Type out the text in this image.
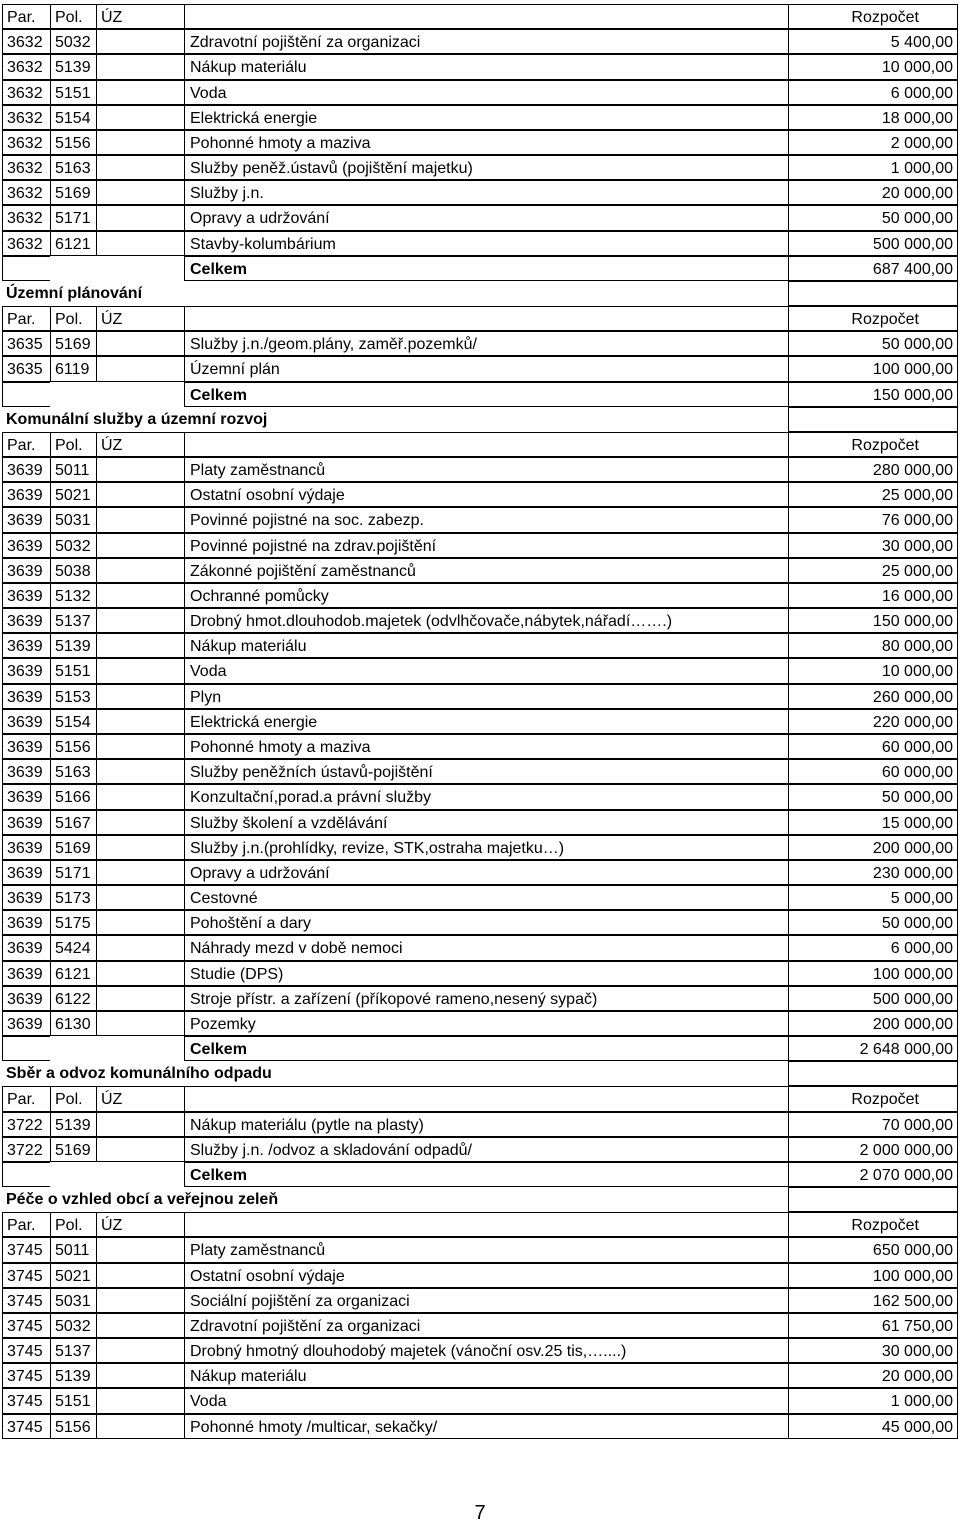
Par.	Pol.	ÚZ	Rozpočet
3632 5032	Zdravotní pojištění za organizaci	5 400,00
3632 5139	Nákup materiálu	10 000,00
3632 5151	Voda	6 000,00
3632 5154	Elektrická energie	18 000,00
3632 5156	Pohonné hmoty a maziva	2 000,00
3632 5163	Služby peněž.ústavů (pojištění majetku)	1 000,00
3632 5169	Služby j.n.	20 000,00
3632 5171	Opravy a udržování	50 000,00
3632 6121	Stavby-kolumbárium	500 000,00
Celkem	687 400,00
Územní plánování
Par.	Pol.	ÚZ	Rozpočet
3635 5169	Služby j.n./geom.plány, zaměř.pozemků/	50 000,00
3635 6119	Územní plán	100 000,00
Celkem	150 000,00
Komunální služby a územní rozvoj
Par.	Pol.	ÚZ	Rozpočet
3639 5011	Platy zaměstnanců	280 000,00
3639 5021	Ostatní osobní výdaje	25 000,00
3639 5031	Povinné pojistné na soc. zabezp.	76 000,00
3639 5032	Povinné pojistné na zdrav.pojištění	30 000,00
3639 5038	Zákonné pojištění zaměstnanců	25 000,00
3639 5132	Ochranné pomůcky	16 000,00
3639 5137	Drobný hmot.dlouhodob.majetek (odvlhčovače,nábytek,nářadí…….)	150 000,00
3639 5139	Nákup materiálu	80 000,00
3639 5151	Voda	10 000,00
3639 5153	Plyn	260 000,00
3639 5154	Elektrická energie	220 000,00
3639 5156	Pohonné hmoty a maziva	60 000,00
3639 5163	Služby peněžních ústavů-pojištění	60 000,00
3639 5166	Konzultační,porad.a právní služby	50 000,00
3639 5167	Služby školení a vzdělávání	15 000,00
3639 5169	Služby j.n.(prohlídky, revize, STK,ostraha majetku…)	200 000,00
3639 5171	Opravy a udržování	230 000,00
3639 5173	Cestovné	5 000,00
3639 5175	Pohoštění a dary	50 000,00
3639 5424	Náhrady mezd v době nemoci	6 000,00
3639 6121	Studie (DPS)	100 000,00
3639 6122	Stroje přístr. a zařízení (příkopové rameno,nesený sypač)	500 000,00
3639 6130	Pozemky	200 000,00
Celkem	2 648 000,00
Sběr a odvoz komunálního odpadu
Par.	Pol.	ÚZ	Rozpočet
3722 5139	Nákup materiálu (pytle na plasty)	70 000,00
3722 5169	Služby j.n. /odvoz a skladování odpadů/	2 000 000,00
Celkem	2 070 000,00
Péče o vzhled obcí a veřejnou zeleň
Par.	Pol.	ÚZ	Rozpočet
3745 5011	Platy zaměstnanců	650 000,00
3745 5021	Ostatní osobní výdaje	100 000,00
3745 5031	Sociální pojištění za organizaci	162 500,00
3745 5032	Zdravotní pojištění za organizaci	61 750,00
3745 5137	Drobný hmotný dlouhodobý majetek (vánoční osv.25 tis,…....)	30 000,00
3745 5139	Nákup materiálu	20 000,00
3745 5151	Voda	1 000,00
3745 5156	Pohonné hmoty /multicar, sekačky/	45 000,00
7
